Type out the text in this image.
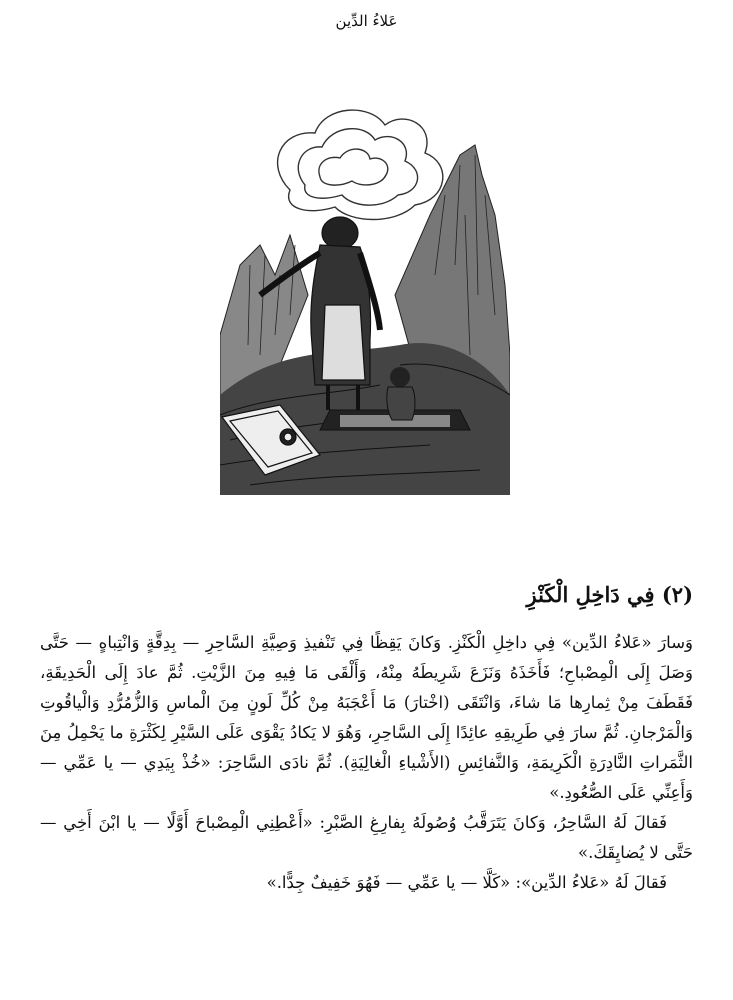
عَلاءُ الدِّين
(٢) فِي دَاخِلِ الْكَنْزِ

وَسارَ «عَلاءُ الدِّين» فِي داخِلِ الْكَنْزِ. وَكانَ يَقِظًا فِي تَنْفيذِ وَصِيَّةِ السَّاحِرِ — بِدِقَّةٍ وَانْتِباهٍ — حَتَّى وَصَلَ إِلَى الْمِصْباحِ؛ فَأَخَذَهُ وَنَزَعَ شَرِيطَهُ مِنْهُ، وَأَلْقَى مَا فِيهِ مِنَ الزَّيْتِ. ثُمَّ عادَ إِلَى الْحَدِيقَةِ، فَقَطَفَ مِنْ ثِمارِها مَا شاءَ، وَانْتَقَى (اخْتارَ) مَا أَعْجَبَهُ مِنْ كُلِّ لَونٍ مِنَ الْماسِ وَالزُّمُرُّدِ وَالْياقُوتِ وَالْمَرْجانِ. ثُمَّ سارَ فِي طَرِيقِهِ عائِدًا إِلَى السَّاحِرِ، وَهُوَ لا يَكادُ يَقْوَى عَلَى السَّيْرِ لِكَثْرَةِ ما يَحْمِلُ مِنَ الثَّمَراتِ النَّادِرَةِ الْكَرِيمَةِ، وَالنَّفائِسِ (الأَشْياءِ الْغالِيَةِ). ثُمَّ نادَى السَّاحِرَ: «خُذْ بِيَدِي — يا عَمِّي — وَأَعِنِّي عَلَى الصُّعُودِ.»

فَقالَ لَهُ السَّاحِرُ، وَكانَ يَتَرَقَّبُ وُصُولَهُ بِفارِغِ الصَّبْرِ: «أَعْطِنِي الْمِصْباحَ أَوَّلًا — يا ابْنَ أَخِي — حَتَّى لا يُضايِقَكَ.»

فَقالَ لَهُ «عَلاءُ الدِّين»: «كَلَّا — يا عَمِّي — فَهُوَ خَفِيفٌ جِدًّا.»
